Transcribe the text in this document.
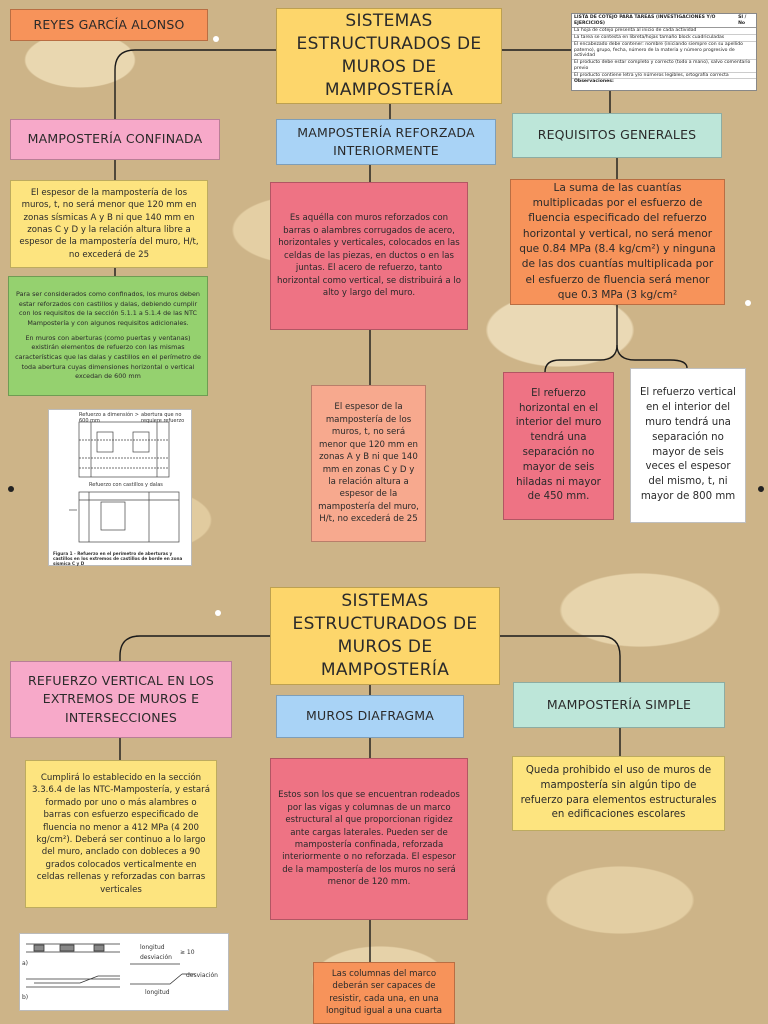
REYES GARCÍA ALONSO	SISTEMAS ESTRUCTURADOS DE MUROS DE MAMPOSTERÍA
LISTA DE COTEJO PARA TAREAS (INVESTIGACIONES Y/O EJERCICIOS)
SI / No
La hoja de cotejo presenta al inicio de cada actividad
La tarea se contesta en libreta/hojas tamaño block cuadriculadas
El encabezado debe contener: nombre (iniciando siempre con su apellido paterno), grupo, fecha, número de la materia y número progresivo de actividad
El producto debe estar completo y correcto (todo a mano), salvo comentario previo
El producto contiene letra y/o números legibles, ortografía correcta
Observaciones:
MAMPOSTERÍA CONFINADA	MAMPOSTERÍA REFORZADA INTERIORMENTE
REQUISITOS GENERALES
El espesor de la mampostería de los muros, t, no será menor que 120 mm en zonas sísmicas A y B ni que 140 mm en zonas C y D y la relación altura libre a espesor de la mampostería del muro, H/t, no excederá de 25
Para ser considerados como confinados, los muros deben estar reforzados con castillos y dalas, debiendo cumplir con los requisitos de la sección 5.1.1 a 5.1.4 de las NTC Mampostería y con algunos requisitos adicionales.
En muros con aberturas (como puertas y ventanas) existirán elementos de refuerzo con las mismas características que las dalas y castillos en el perímetro de toda abertura cuyas dimensiones horizontal o vertical excedan de 600 mm
Refuerzo a dimensión > 600 mm
abertura que no requiere refuerzo
Refuerzo con castillos y dalas
Figura 1 - Refuerzo en el perímetro de aberturas y castillos en los extremos de castillos de borde en zona sísmica C y D
Es aquélla con muros reforzados con barras o alambres corrugados de acero, horizontales y verticales, colocados en las celdas de las piezas, en ductos o en las juntas. El acero de refuerzo, tanto horizontal como vertical, se distribuirá a lo alto y largo del muro.
El espesor de la mampostería de los muros, t, no será menor que 120 mm en zonas A y B ni que 140 mm en zonas C y D y la relación altura a espesor de la mampostería del muro, H/t, no excederá de 25
La suma de las cuantías multiplicadas por el esfuerzo de fluencia especificado del refuerzo horizontal y vertical, no será menor que 0.84 MPa (8.4 kg/cm²) y ninguna de las dos cuantías multiplicada por el esfuerzo de fluencia será menor que 0.3 MPa (3 kg/cm²
El refuerzo horizontal en el interior del muro tendrá una separación no mayor de seis hiladas ni mayor de 450 mm.
El refuerzo vertical en el interior del muro tendrá una separación no mayor de seis veces el espesor del mismo, t, ni mayor de 800 mm
SISTEMAS ESTRUCTURADOS DE MUROS DE MAMPOSTERÍA
REFUERZO VERTICAL EN LOS EXTREMOS DE MUROS E INTERSECCIONES	MUROS DIAFRAGMA
MAMPOSTERÍA SIMPLE
Cumplirá lo establecido en la sección 3.3.6.4 de las NTC-Mampostería, y estará formado por uno o más alambres o barras con esfuerzo especificado de fluencia no menor a 412 MPa (4 200 kg/cm²). Deberá ser continuo a lo largo del muro, anclado con dobleces a 90 grados colocados verticalmente en celdas rellenas y reforzadas con barras verticales
longitud
desviación
≥ 10
desviación
longitud
a)
b)
Estos son los que se encuentran rodeados por las vigas y columnas de un marco estructural al que proporcionan rigidez ante cargas laterales. Pueden ser de mampostería confinada, reforzada interiormente o no reforzada. El espesor de la mampostería de los muros no será menor de 120 mm.
Las columnas del marco deberán ser capaces de resistir, cada una, en una longitud igual a una cuarta
Queda prohibido el uso de muros de mampostería sin algún tipo de refuerzo para elementos estructurales en edificaciones escolares
